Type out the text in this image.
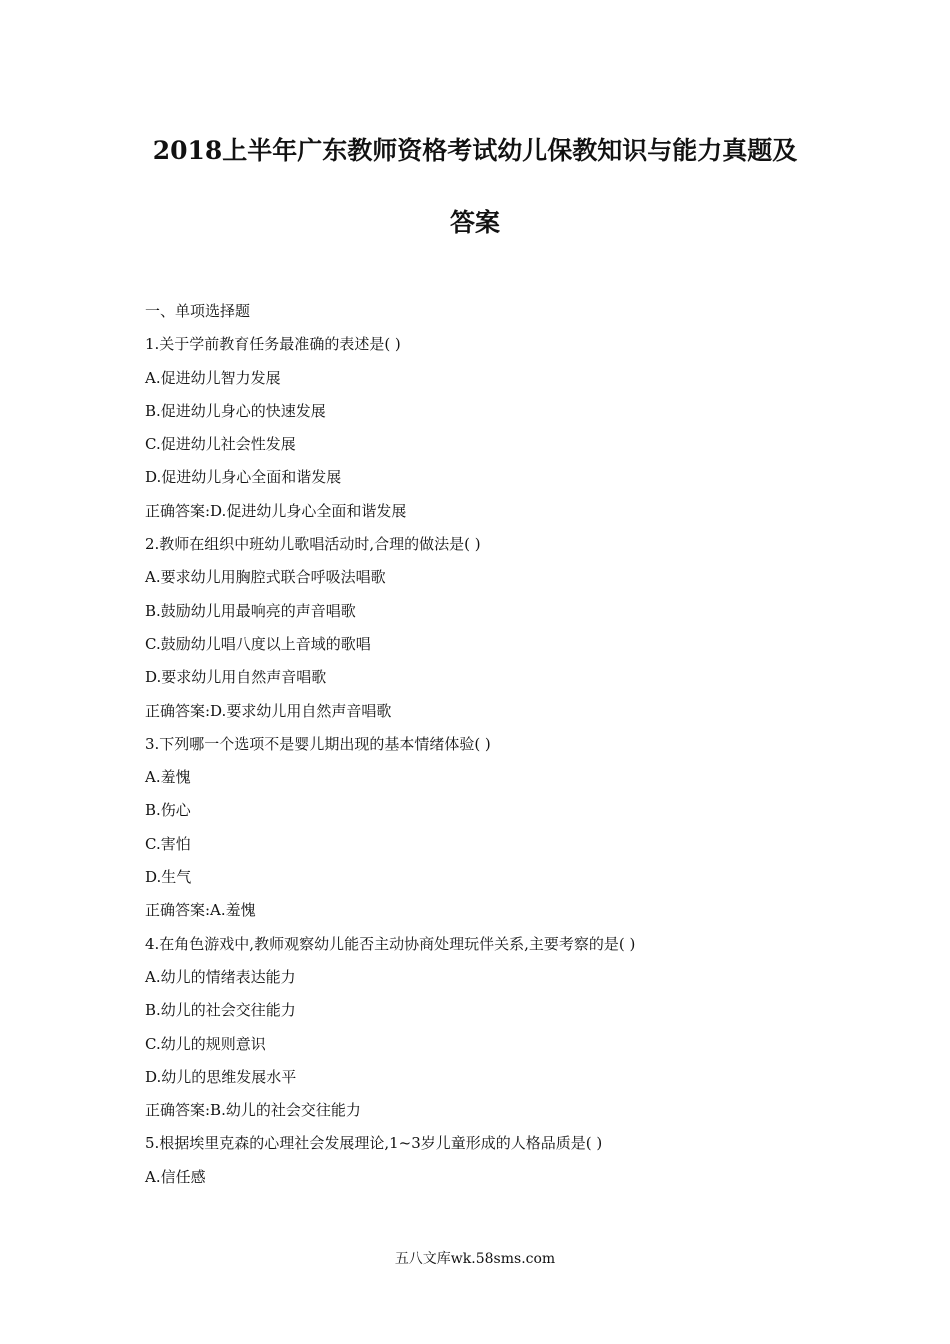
2018上半年广东教师资格考试幼儿保教知识与能力真题及
答案
一、单项选择题
1.关于学前教育任务最准确的表述是( )
A.促进幼儿智力发展
B.促进幼儿身心的快速发展
C.促进幼儿社会性发展
D.促进幼儿身心全面和谐发展
正确答案:D.促进幼儿身心全面和谐发展
2.教师在组织中班幼儿歌唱活动时,合理的做法是( )
A.要求幼儿用胸腔式联合呼吸法唱歌
B.鼓励幼儿用最响亮的声音唱歌
C.鼓励幼儿唱八度以上音域的歌唱
D.要求幼儿用自然声音唱歌
正确答案:D.要求幼儿用自然声音唱歌
3.下列哪一个选项不是婴儿期出现的基本情绪体验( )
A.羞愧
B.伤心
C.害怕
D.生气
正确答案:A.羞愧
4.在角色游戏中,教师观察幼儿能否主动协商处理玩伴关系,主要考察的是( )
A.幼儿的情绪表达能力
B.幼儿的社会交往能力
C.幼儿的规则意识
D.幼儿的思维发展水平
正确答案:B.幼儿的社会交往能力
5.根据埃里克森的心理社会发展理论,1~3岁儿童形成的人格品质是( )
A.信任感
五八文库wk.58sms.com
